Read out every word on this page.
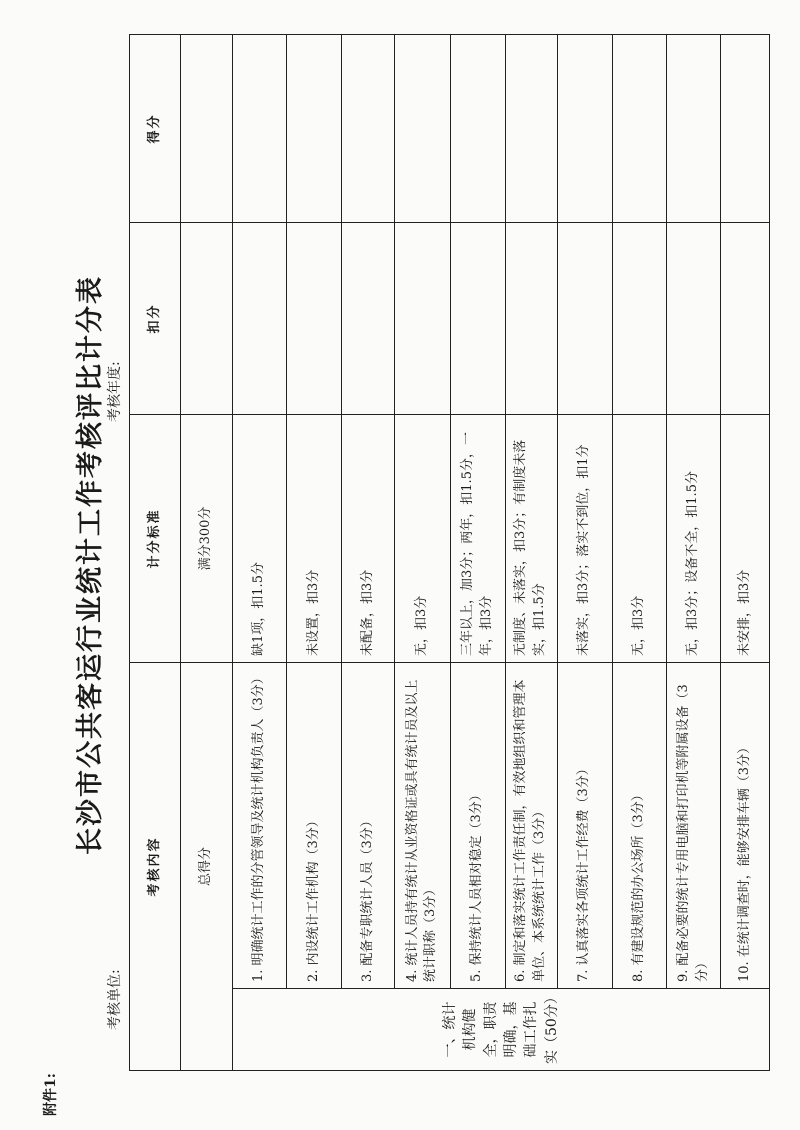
附件1:
长沙市公共客运行业统计工作考核评比计分表
考核单位:
考核年度:
考核内容		计分标准	扣分	得分
总得分		满分300分		
一、统计机构健全，职责明确，基础工作扎实（50分）	1. 明确统计工作的分管领导及统计机构负责人（3分）	缺1项，扣1.5分		
	2. 内设统计工作机构（3分）	未设置，扣3分		
	3. 配备专职统计人员（3分）	未配备，扣3分		
	4. 统计人员持有统计从业资格证或具有统计员及以上统计职称（3分）	无，扣3分		
	5. 保持统计人员相对稳定（3分）	三年以上，加3分；两年，扣1.5分，一年，扣3分		
	6. 制定和落实统计工作责任制，有效地组织和管理本单位、本系统统计工作（3分）	无制度、未落实，扣3分；有制度未落实，扣1.5分		
	7. 认真落实各项统计工作经费（3分）	未落实，扣3分；落实不到位，扣1分		
	8. 有建设规范的办公场所（3分）	无，扣3分		
	9. 配备必要的统计专用电脑和打印机等附属设备（3分）	无，扣3分；设备不全，扣1.5分		
	10. 在统计调查时，能够安排车辆（3分）	未安排，扣3分		
